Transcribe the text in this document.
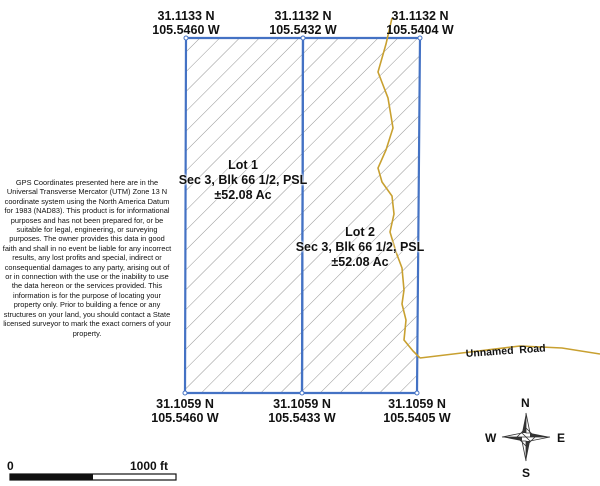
Unnamed  Road
31.1133 N
105.5460 W
31.1132 N
105.5432 W
31.1132 N
105.5404 W
31.1059 N
105.5460 W
31.1059 N
105.5433 W
31.1059 N
105.5405 W
Lot 1
Sec 3, Blk 66 1/2, PSL
±52.08 Ac
Lot 2
Sec 3, Blk 66 1/2, PSL
±52.08 Ac
GPS Coordinates presented here are in the Universal Transverse Mercator (UTM) Zone 13 N coordinate system using the North America Datum for 1983 (NAD83). This product is for informational purposes and has not been prepared for, or be suitable for legal, engineering, or surveying purposes. The owner provides this data in good faith and shall in no event be liable for any incorrect results, any lost profits and special, indirect or consequential damages to any party, arising out of or in connection with the use or the inability to use the data hereon or the services provided. This information is for the purpose of locating your property only. Prior to building a fence or any structures on your land, you should contact a State licensed surveyor to mark the exact corners of your property.
N
S
E
W
0	1000 ft
